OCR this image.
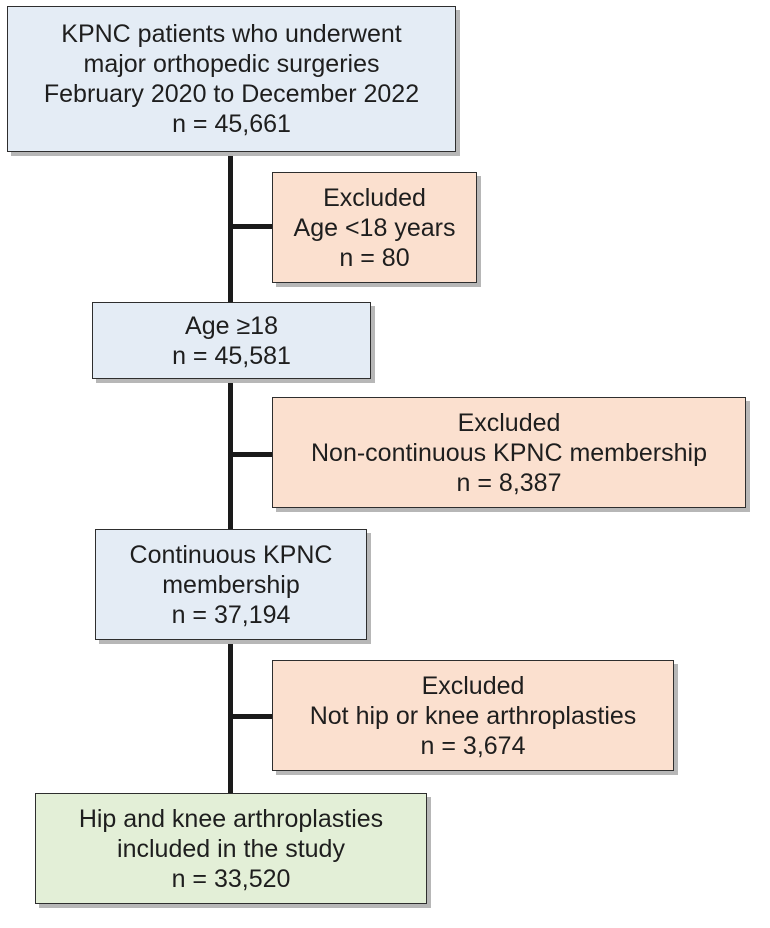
KPNC patients who underwent
major orthopedic surgeries
February 2020 to December 2022
n = 45,661
Excluded
Age <18 years
n = 80
Age ≥18
n = 45,581
Excluded
Non-continuous KPNC membership
n = 8,387
Continuous KPNC
membership
n = 37,194
Excluded
Not hip or knee arthroplasties
n = 3,674
Hip and knee arthroplasties
included in the study
n = 33,520
